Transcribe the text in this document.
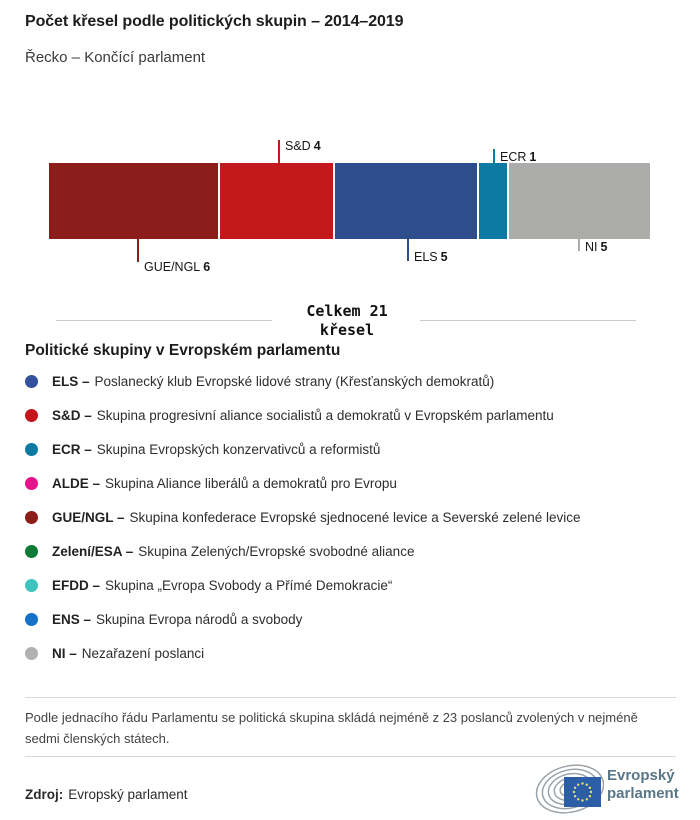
Počet křesel podle politických skupin – 2014–2019
Řecko – Končící parlament
S&D 4
ECR 1
GUE/NGL 6
ELS 5
NI 5
Celkem 21
křesel
Politické skupiny v Evropském parlamentu
ELS – Poslanecký klub Evropské lidové strany (Křesťanských demokratů)
S&D – Skupina progresivní aliance socialistů a demokratů v Evropském parlamentu
ECR – Skupina Evropských konzervativců a reformistů
ALDE – Skupina Aliance liberálů a demokratů pro Evropu
GUE/NGL – Skupina konfederace Evropské sjednocené levice a Severské zelené levice
Zelení/ESA – Skupina Zelených/Evropské svobodné aliance
EFDD – Skupina „Evropa Svobody a Přímé Demokracie“
ENS – Skupina Evropa národů a svobody
NI – Nezařazení poslanci
Podle jednacího řádu Parlamentu se politická skupina skládá nejméně z 23 poslanců zvolených v nejméně sedmi členských státech.
Zdroj: Evropský parlament
Evropský
parlament
